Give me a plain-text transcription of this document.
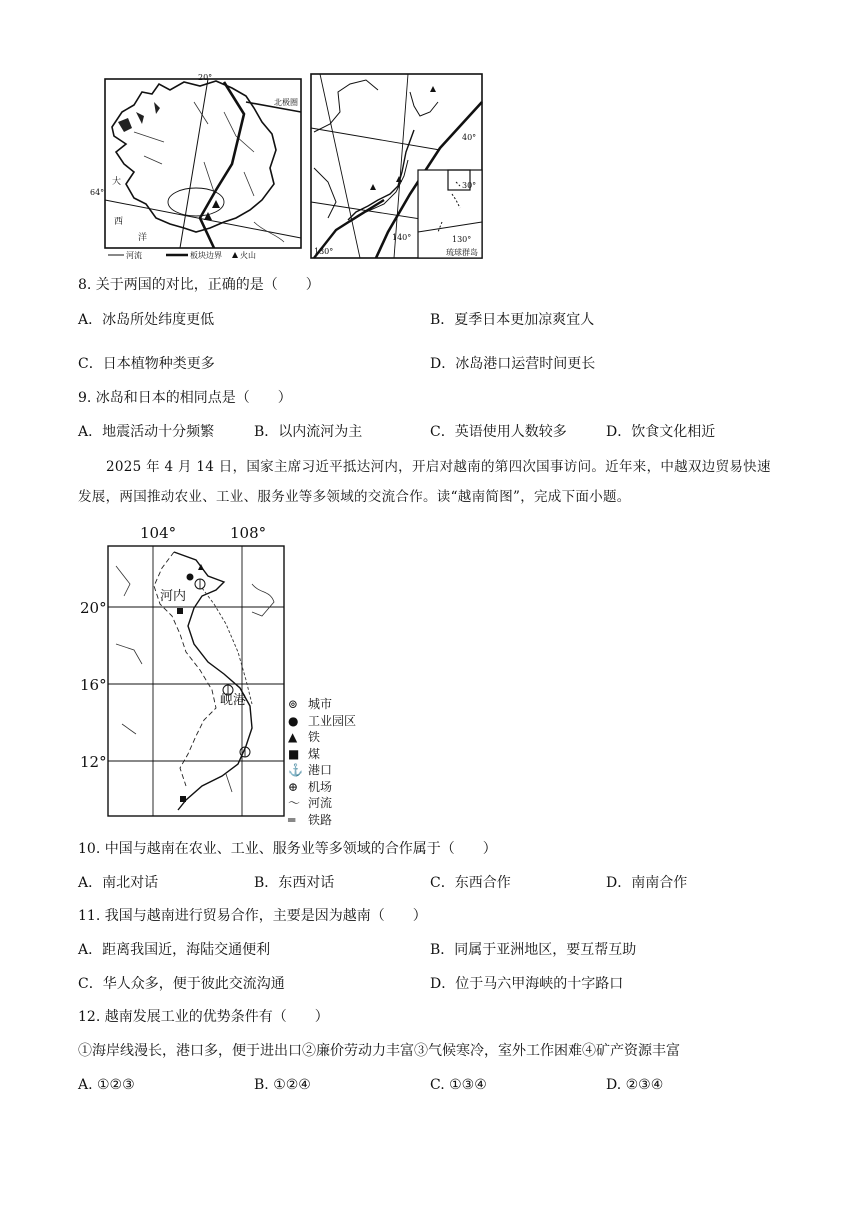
20°
北极圈
64°
大
西
洋
河流	板块边界 火山
40°
30°
140°
130°
130°
琉球群岛
8. 关于两国的对比，正确的是（　　）
A．冰岛所处纬度更低	B．夏季日本更加凉爽宜人
C．日本植物种类更多	D．冰岛港口运营时间更长
9. 冰岛和日本的相同点是（　　）
A．地震活动十分频繁	B．以内流河为主	C．英语使用人数较多	D．饮食文化相近
2025 年 4 月 14 日，国家主席习近平抵达河内，开启对越南的第四次国事访问。近年来，中越双边贸易快速发展，两国推动农业、工业、服务业等多领域的交流合作。读“越南简图”，完成下面小题。
104°	108°
20°
16°
12°
河内
岘港	⊚ 城市
● 工业园区
▲ 铁
■ 煤
⚓ 港口
⊕ 机场
〜 河流
═ 铁路
10. 中国与越南在农业、工业、服务业等多领域的合作属于（　　）
A．南北对话	B．东西对话	C．东西合作	D．南南合作
11. 我国与越南进行贸易合作，主要是因为越南（　　）
A．距离我国近，海陆交通便利	B．同属于亚洲地区，要互帮互助
C．华人众多，便于彼此交流沟通	D．位于马六甲海峡的十字路口
12. 越南发展工业的优势条件有（　　）
①海岸线漫长，港口多，便于进出口②廉价劳动力丰富③气候寒冷，室外工作困难④矿产资源丰富
A. ①②③	B. ①②④	C. ①③④	D. ②③④
